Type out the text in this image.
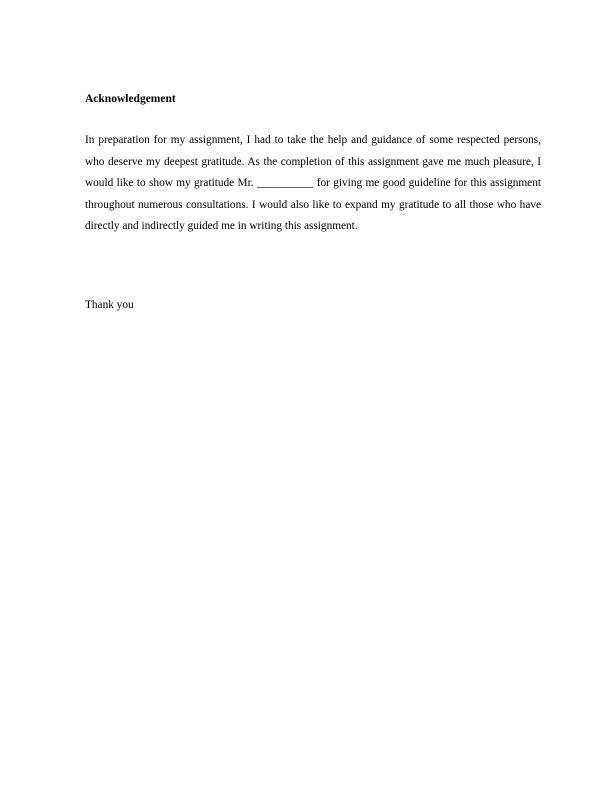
Acknowledgement

In preparation for my assignment, I had to take the help and guidance of some respected persons, who deserve my deepest gratitude. As the completion of this assignment gave me much pleasure, I would like to show my gratitude Mr. __________ for giving me good guideline for this assignment throughout numerous consultations. I would also like to expand my gratitude to all those who have directly and indirectly guided me in writing this assignment.

Thank you
